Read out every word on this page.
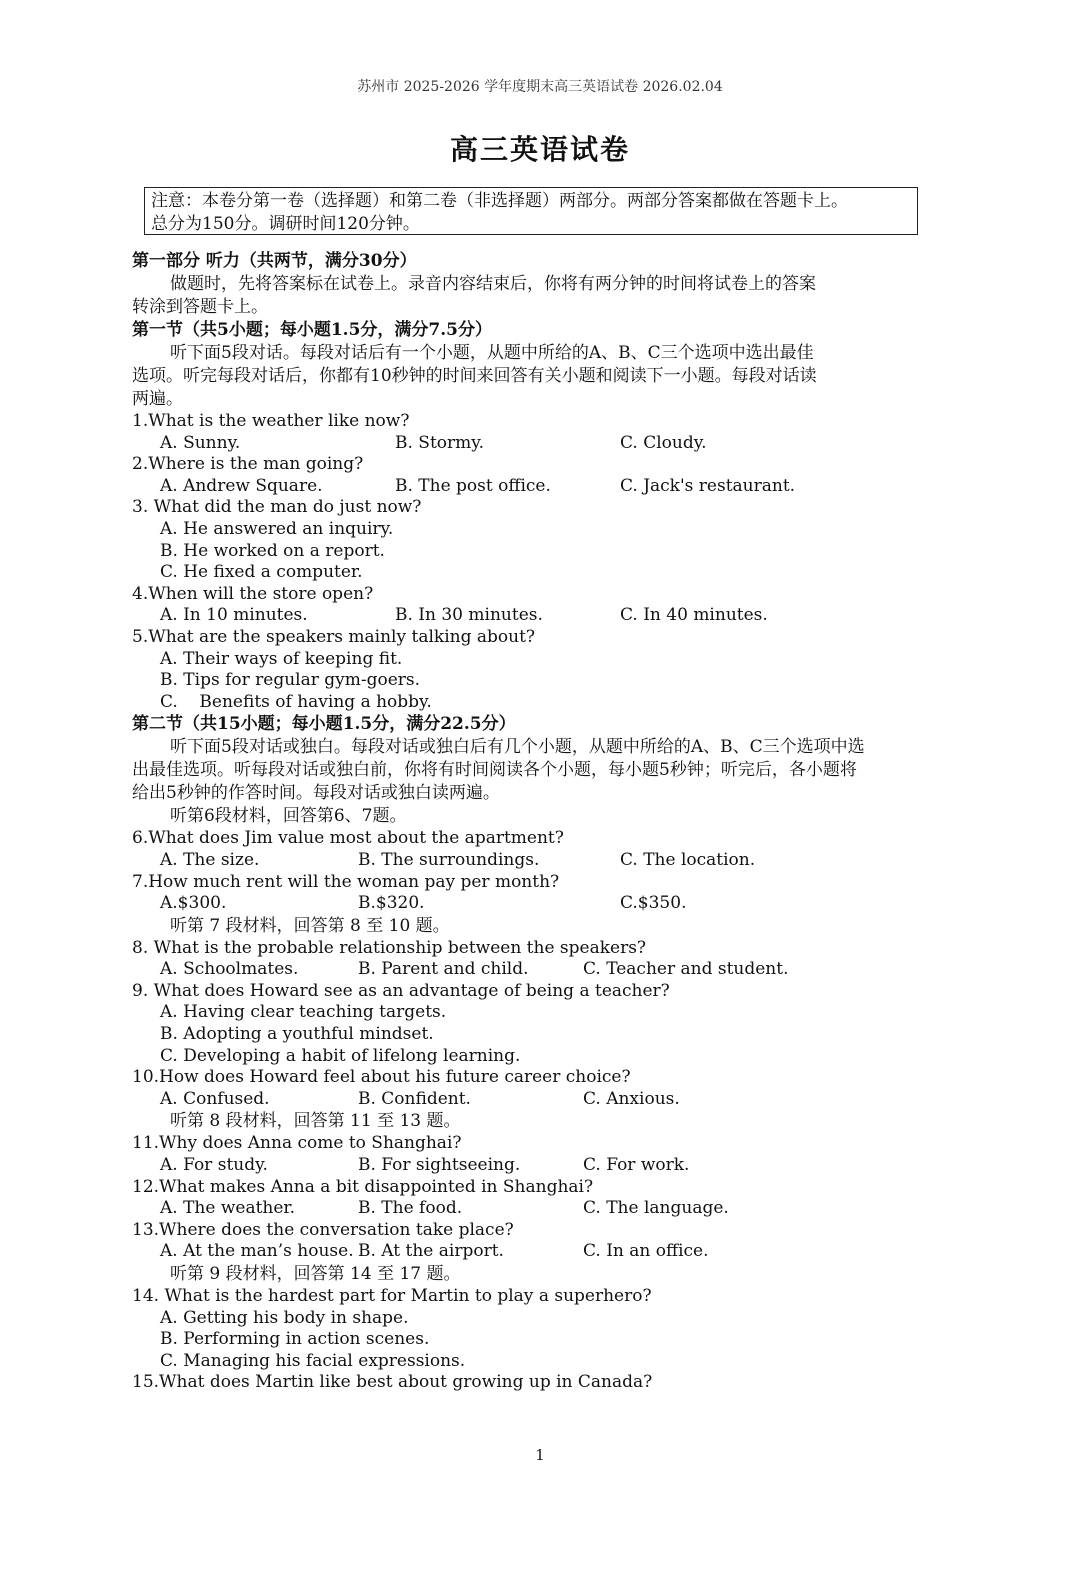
苏州市 2025-2026 学年度期末高三英语试卷 2026.02.04
高三英语试卷
注意：本卷分第一卷（选择题）和第二卷（非选择题）两部分。两部分答案都做在答题卡上。
总分为150分。调研时间120分钟。
第一部分 听力（共两节，满分30分）
做题时，先将答案标在试卷上。录音内容结束后，你将有两分钟的时间将试卷上的答案
转涂到答题卡上。
第一节（共5小题；每小题1.5分，满分7.5分）
听下面5段对话。每段对话后有一个小题，从题中所给的A、B、C三个选项中选出最佳
选项。听完每段对话后，你都有10秒钟的时间来回答有关小题和阅读下一小题。每段对话读
两遍。
1.What is the weather like now?
A. Sunny.	B. Stormy.	C. Cloudy.
2.Where is the man going?
A. Andrew Square.	B. The post office.	C. Jack's restaurant.
3. What did the man do just now?
A. He answered an inquiry.
B. He worked on a report.
C. He fixed a computer.
4.When will the store open?
A. In 10 minutes.	B. In 30 minutes.	C. In 40 minutes.
5.What are the speakers mainly talking about?
A. Their ways of keeping fit.
B. Tips for regular gym-goers.
C.    Benefits of having a hobby.
第二节（共15小题；每小题1.5分，满分22.5分）
听下面5段对话或独白。每段对话或独白后有几个小题，从题中所给的A、B、C三个选项中选
出最佳选项。听每段对话或独白前，你将有时间阅读各个小题，每小题5秒钟；听完后，各小题将
给出5秒钟的作答时间。每段对话或独白读两遍。
听第6段材料，回答第6、7题。
6.What does Jim value most about the apartment?
A. The size.	B. The surroundings.	C. The location.
7.How much rent will the woman pay per month?
A.$300.	B.$320.	C.$350.
听第 7 段材料，回答第 8 至 10 题。
8. What is the probable relationship between the speakers?
A. Schoolmates.	B. Parent and child.	C. Teacher and student.
9. What does Howard see as an advantage of being a teacher?
A. Having clear teaching targets.
B. Adopting a youthful mindset.
C. Developing a habit of lifelong learning.
10.How does Howard feel about his future career choice?
A. Confused.	B. Confident.	C. Anxious.
听第 8 段材料，回答第 11 至 13 题。
11.Why does Anna come to Shanghai?
A. For study.	B. For sightseeing.	C. For work.
12.What makes Anna a bit disappointed in Shanghai?
A. The weather.	B. The food.	C. The language.
13.Where does the conversation take place?
A. At the man’s house. B. At the airport.	C. In an office.
听第 9 段材料，回答第 14 至 17 题。
14. What is the hardest part for Martin to play a superhero?
A. Getting his body in shape.
B. Performing in action scenes.
C. Managing his facial expressions.
15.What does Martin like best about growing up in Canada?
1
